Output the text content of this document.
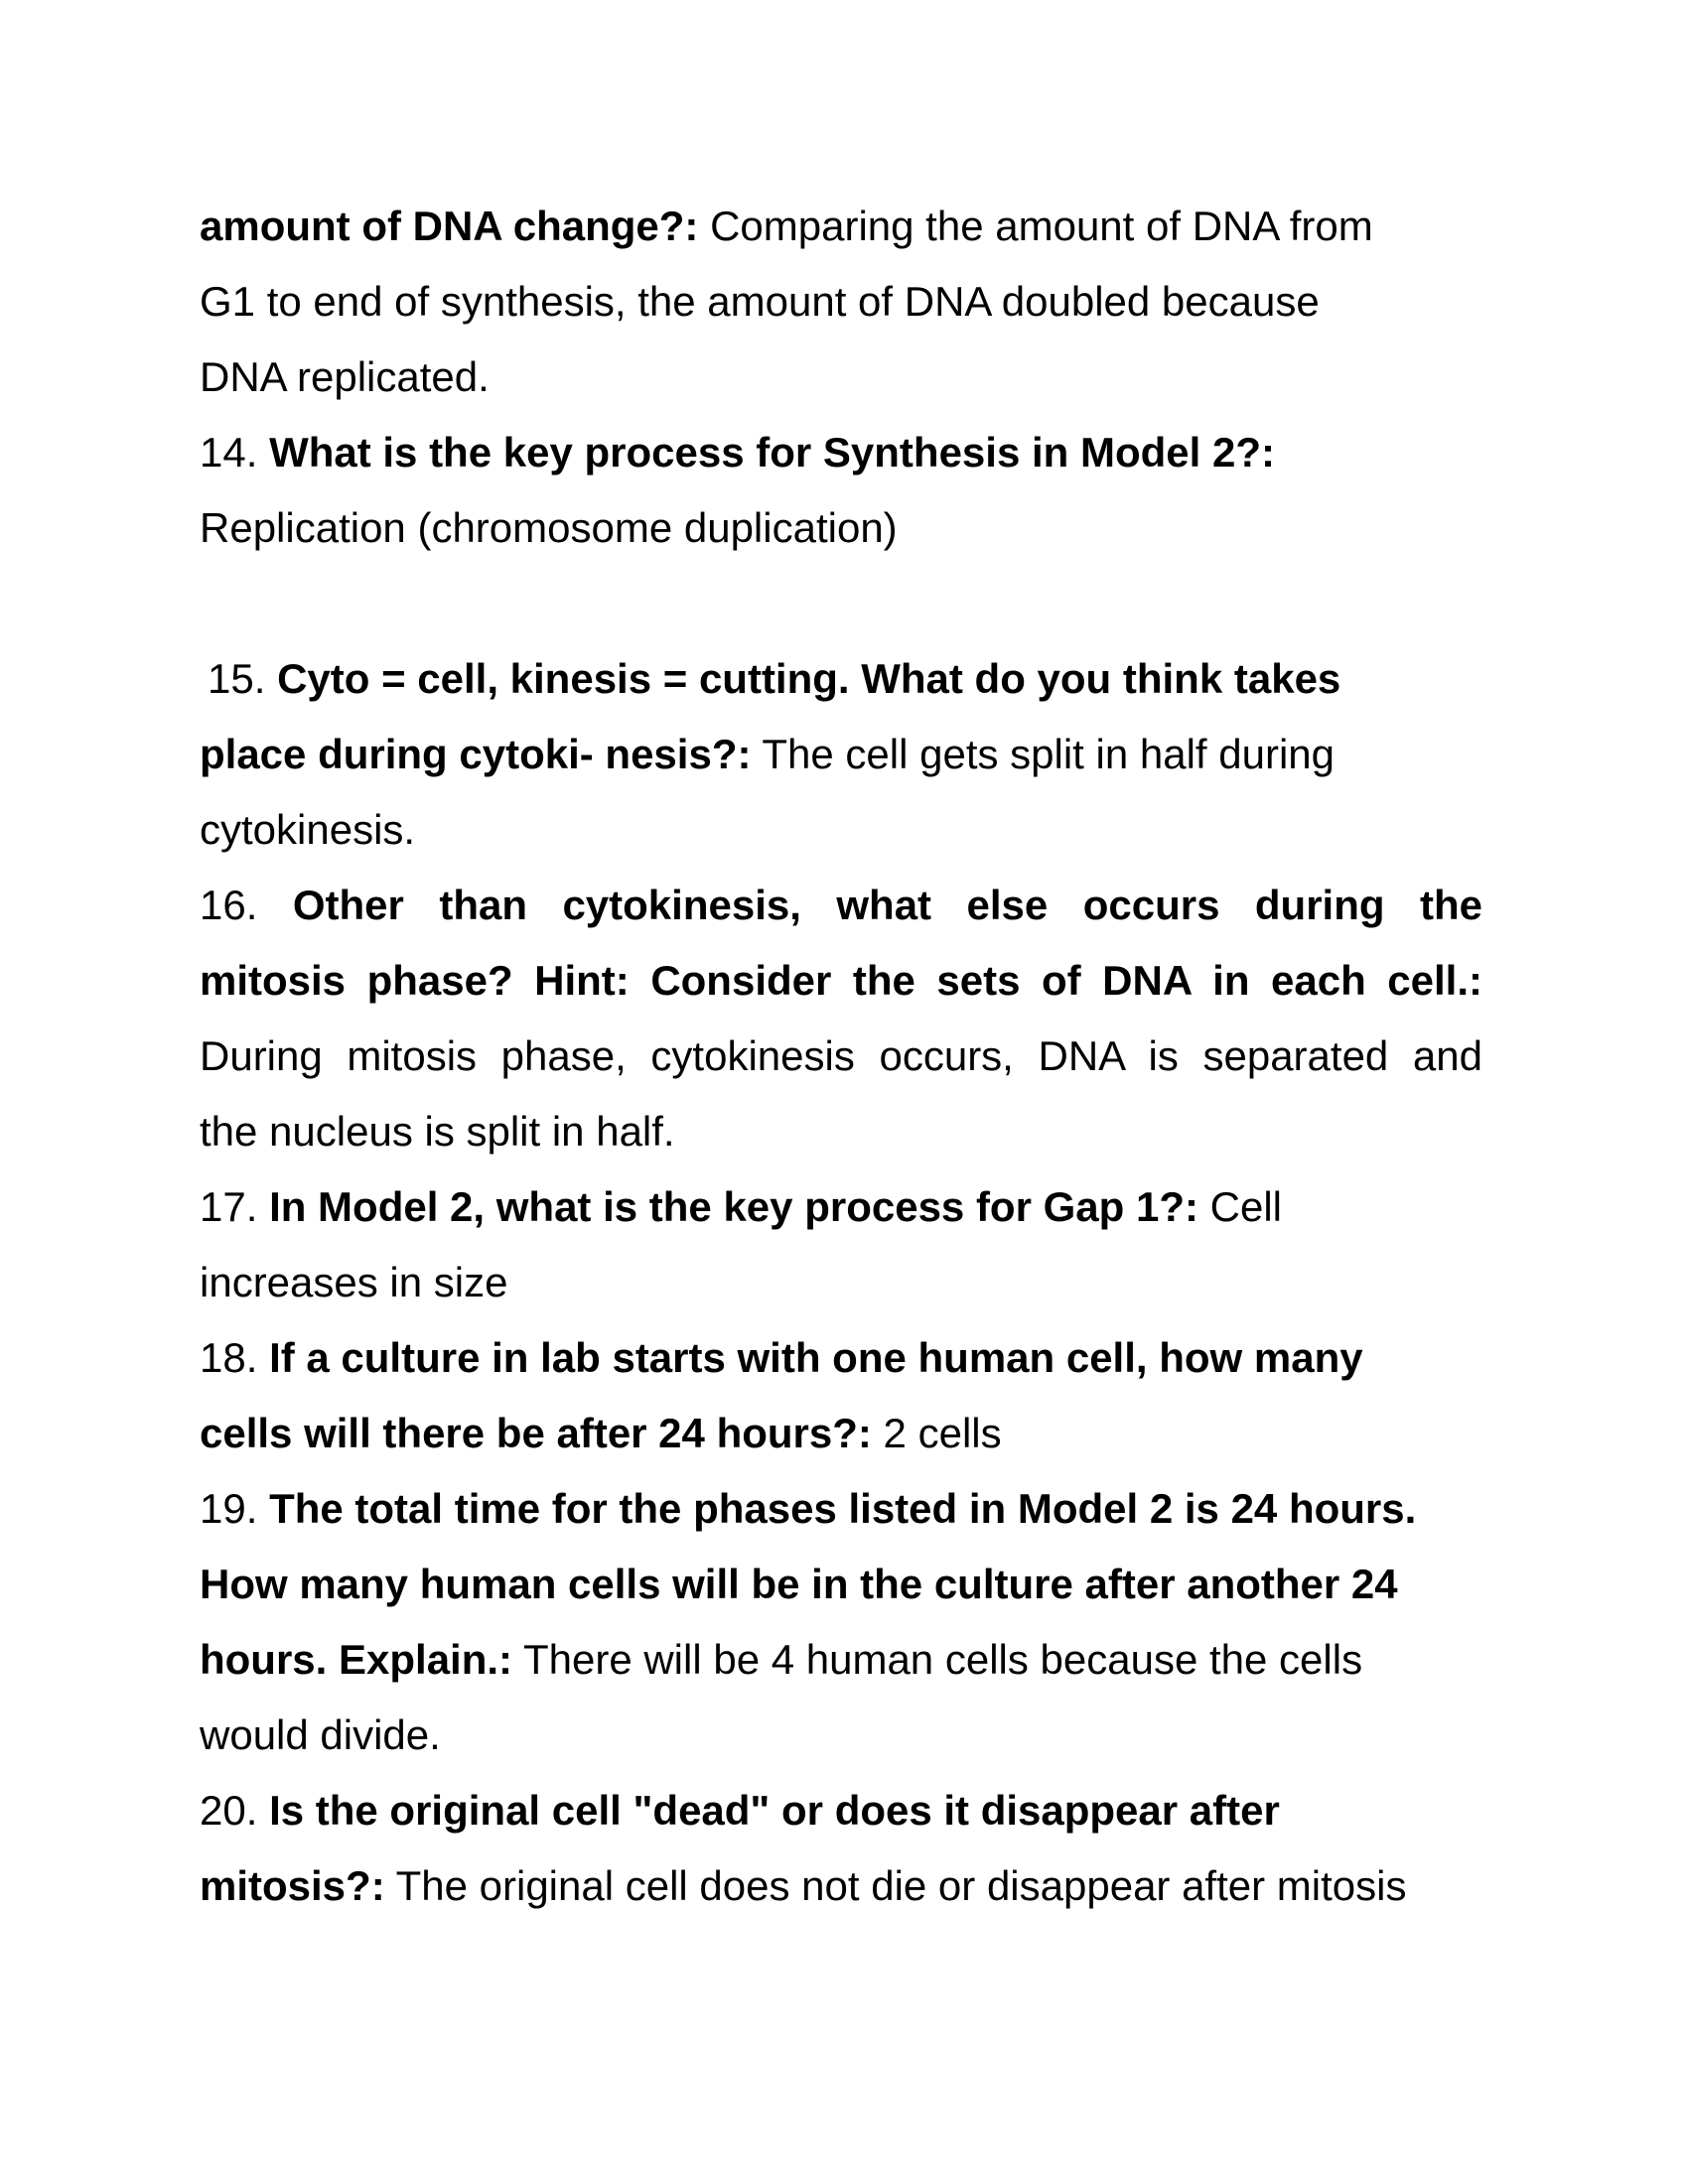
amount of DNA change?: Comparing the amount of DNA from
G1 to end of synthesis, the amount of DNA doubled because
DNA replicated.
14. What is the key process for Synthesis in Model 2?:
Replication (chromosome duplication)
15. Cyto = cell, kinesis = cutting. What do you think takes
place during cytoki- nesis?: The cell gets split in half during
cytokinesis.
16. Other than cytokinesis, what else occurs during the
mitosis phase? Hint: Consider the sets of DNA in each cell.:
During mitosis phase, cytokinesis occurs, DNA is separated and
the nucleus is split in half.
17. In Model 2, what is the key process for Gap 1?: Cell
increases in size
18. If a culture in lab starts with one human cell, how many
cells will there be after 24 hours?: 2 cells
19. The total time for the phases listed in Model 2 is 24 hours.
How many human cells will be in the culture after another 24
hours. Explain.: There will be 4 human cells because the cells
would divide.
20. Is the original cell "dead" or does it disappear after
mitosis?: The original cell does not die or disappear after mitosis
